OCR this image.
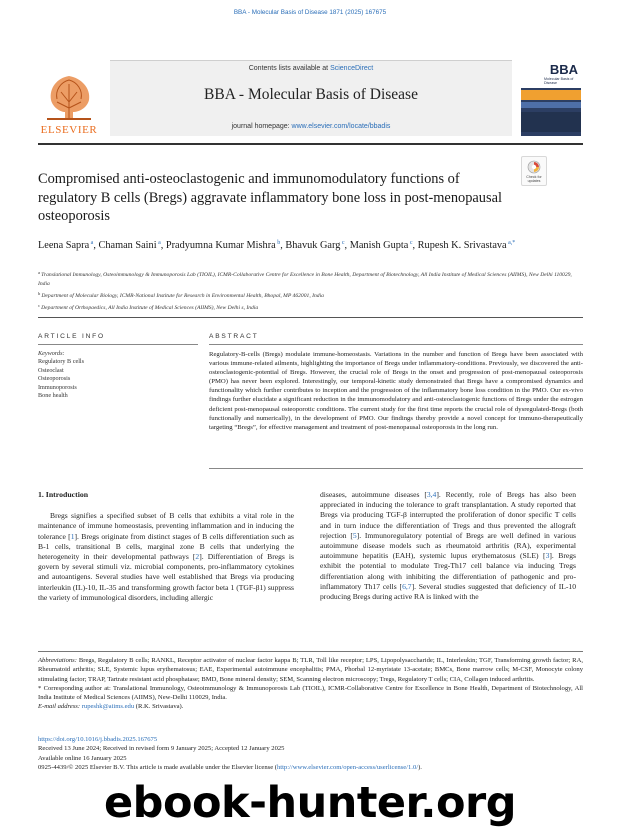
BBA - Molecular Basis of Disease 1871 (2025) 167675
ELSEVIER
Contents lists available at ScienceDirect
BBA - Molecular Basis of Disease
journal homepage: www.elsevier.com/locate/bbadis
BBA
Molecular Basis of Disease
Compromised anti-osteoclastogenic and immunomodulatory functions of regulatory B cells (Bregs) aggravate inflammatory bone loss in post-menopausal osteoporosis
Check for updates
Leena Sapra $^a$, Chaman Saini $^a$, Pradyumna Kumar Mishra $^b$, Bhavuk Garg $^c$, Manish Gupta $^c$, Rupesh K. Srivastava $^{a,*}$
$^a$ Translational Immunology, Osteoimmunology & Immunoporosis Lab (TIOIL), ICMR-Collaborative Centre for Excellence in Bone Health, Department of Biotechnology, All India Institute of Medical Sciences (AIIMS), New Delhi 110029, India
$^b$ Department of Molecular Biology, ICMR-National Institute for Research in Environmental Health, Bhopal, MP 462001, India
$^c$ Department of Orthopaedics, All India Institute of Medical Sciences (AIIMS), New Delhi s, India
ARTICLE INFO	ABSTRACT
Keywords:
Regulatory B cells
Osteoclast
Osteoporosis
Immunoporosis
Bone health
Regulatory-B-cells (Bregs) modulate immune-homeostasis. Variations in the number and function of Bregs have been associated with various immune-related ailments, highlighting the importance of Bregs under inflammatory-conditions. Previously, we discovered the anti-osteoclastogenic-potential of Bregs. However, the crucial role of Bregs in the onset and progression of post-menopausal osteoporosis (PMO) has never been explored. Interestingly, our temporal-kinetic study demonstrated that Bregs have a compromised dynamics and functionality which further contributes to inception and the progression of the inflammatory bone loss condition in the PMO. Our ex-vivo findings further elucidate a significant reduction in the immunomodulatory and anti-osteoclastogenic functions of Bregs under the estrogen deficient post-menopausal osteoporotic conditions. The current study for the first time reports the crucial role of dysregulated-Bregs (both functionally and numerically), in the development of PMO. Our findings thereby provide a novel concept for immuno-therapeutically targeting “Bregs”, for effective management and treatment of post-menopausal osteoporosis in the long run.
1. Introduction

Bregs signifies a specified subset of B cells that exhibits a vital role in the maintenance of immune homeostasis, preventing inflammation and in inducing the tolerance [1]. Bregs originate from distinct stages of B cells differentiation such as B-1 cells, transitional B cells, marginal zone B cells that underlying the heterogeneity in their developmental pathways [2]. Differentiation of Bregs is govern by several stimuli viz. microbial components, pro-inflammatory cytokines and autoantigens. Several studies have well established that Bregs via producing interleukin (IL)-10, IL-35 and transforming growth factor beta 1 (TGF-β1) suppress the variety of immunological disorders, including allergic

diseases, autoimmune diseases [3,4]. Recently, role of Bregs has also been appreciated in inducing the tolerance to graft transplantation. A study reported that Bregs via producing TGF-β interrupted the proliferation of donor specific T cells and in turn induce the differentiation of Tregs and thus prevented the allograft rejection [5]. Immunoregulatory potential of Bregs are well defined in various autoimmune disease models such as rheumatoid arthritis (RA), experimental autoimmune hepatitis (EAH), systemic lupus erythematosus (SLE) [3]. Bregs exhibit the potential to modulate Treg-Th17 cell balance via inducing Tregs differentiation along with inhibiting the differentiation of pathogenic and pro-inflammatory Th17 cells [6,7]. Several studies suggested that deficiency of IL-10 producing Bregs during active RA is linked with the

Abbreviations: Bregs, Regulatory B cells; RANKL, Receptor activator of nuclear factor kappa B; TLR, Toll like receptor; LPS, Lipopolysaccharide; IL, Interleukin; TGF, Transforming growth factor; RA, Rheumatoid arthritis; SLE, Systemic lupus erythematosus; EAE, Experimental autoimmune encephalitis; PMA, Phorbal 12-myristate 13-acetate; BMCs, Bone marrow cells; M-CSF, Monocyte colony stimulating factor; TRAP, Tartrate resistant acid phosphatase; BMD, Bone mineral density; SEM, Scanning electron microscopy; Tregs, Regulatory T cells; CIA, Collagen induced arthritis.
* Corresponding author at: Translational Immunology, Osteoimmunology & Immunoporosis Lab (TIOIL), ICMR-Collaborative Centre for Excellence in Bone Health, Department of Biotechnology, All India Institute of Medical Sciences (AIIMS), New-Delhi 110029, India.
E-mail address: rupeshk@aiims.edu (R.K. Srivastava).
https://doi.org/10.1016/j.bbadis.2025.167675
Received 13 June 2024; Received in revised form 9 January 2025; Accepted 12 January 2025
Available online 16 January 2025
0925-4439/© 2025 Elsevier B.V. This article is made available under the Elsevier license (http://www.elsevier.com/open-access/userlicense/1.0/).
ebook-hunter.org
